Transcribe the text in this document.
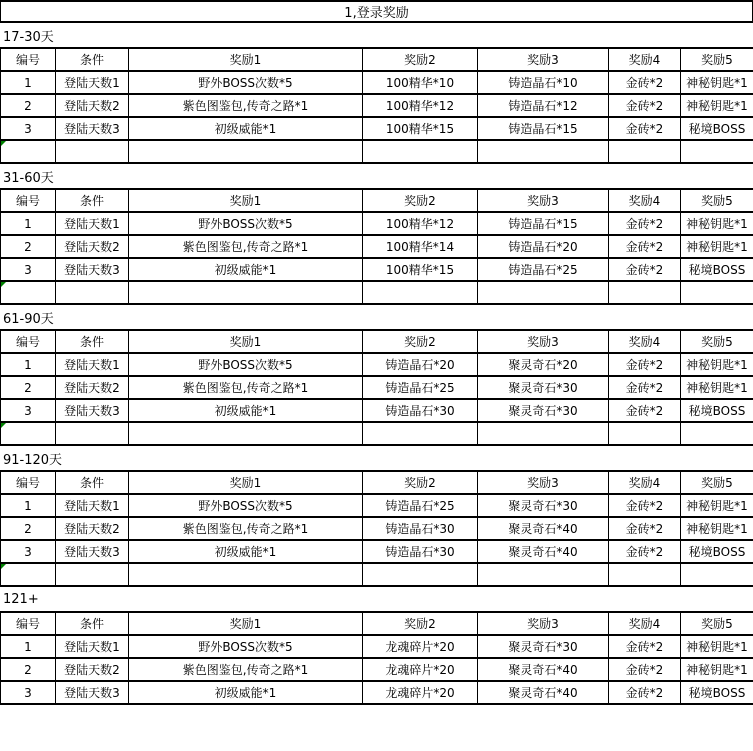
1,登录奖励
17-30天
编号	条件	奖励1	奖励2	奖励3	奖励4	奖励5
1	登陆天数1	野外BOSS次数*5	100精华*10	铸造晶石*10	金砖*2	神秘钥匙*1
2	登陆天数2	紫色图鉴包,传奇之路*1	100精华*12	铸造晶石*12	金砖*2	神秘钥匙*1
3	登陆天数3	初级威能*1	100精华*15	铸造晶石*15	金砖*2	秘境BOSS

31-60天
编号	条件	奖励1	奖励2	奖励3	奖励4	奖励5
1	登陆天数1	野外BOSS次数*5	100精华*12	铸造晶石*15	金砖*2	神秘钥匙*1
2	登陆天数2	紫色图鉴包,传奇之路*1	100精华*14	铸造晶石*20	金砖*2	神秘钥匙*1
3	登陆天数3	初级威能*1	100精华*15	铸造晶石*25	金砖*2	秘境BOSS

61-90天
编号	条件	奖励1	奖励2	奖励3	奖励4	奖励5
1	登陆天数1	野外BOSS次数*5	铸造晶石*20	聚灵奇石*20	金砖*2	神秘钥匙*1
2	登陆天数2	紫色图鉴包,传奇之路*1	铸造晶石*25	聚灵奇石*30	金砖*2	神秘钥匙*1
3	登陆天数3	初级威能*1	铸造晶石*30	聚灵奇石*30	金砖*2	秘境BOSS

91-120天
编号	条件	奖励1	奖励2	奖励3	奖励4	奖励5
1	登陆天数1	野外BOSS次数*5	铸造晶石*25	聚灵奇石*30	金砖*2	神秘钥匙*1
2	登陆天数2	紫色图鉴包,传奇之路*1	铸造晶石*30	聚灵奇石*40	金砖*2	神秘钥匙*1
3	登陆天数3	初级威能*1	铸造晶石*30	聚灵奇石*40	金砖*2	秘境BOSS

121+
编号	条件	奖励1	奖励2	奖励3	奖励4	奖励5
1	登陆天数1	野外BOSS次数*5	龙魂碎片*20	聚灵奇石*30	金砖*2	神秘钥匙*1
2	登陆天数2	紫色图鉴包,传奇之路*1	龙魂碎片*20	聚灵奇石*40	金砖*2	神秘钥匙*1
3	登陆天数3	初级威能*1	龙魂碎片*20	聚灵奇石*40	金砖*2	秘境BOSS
